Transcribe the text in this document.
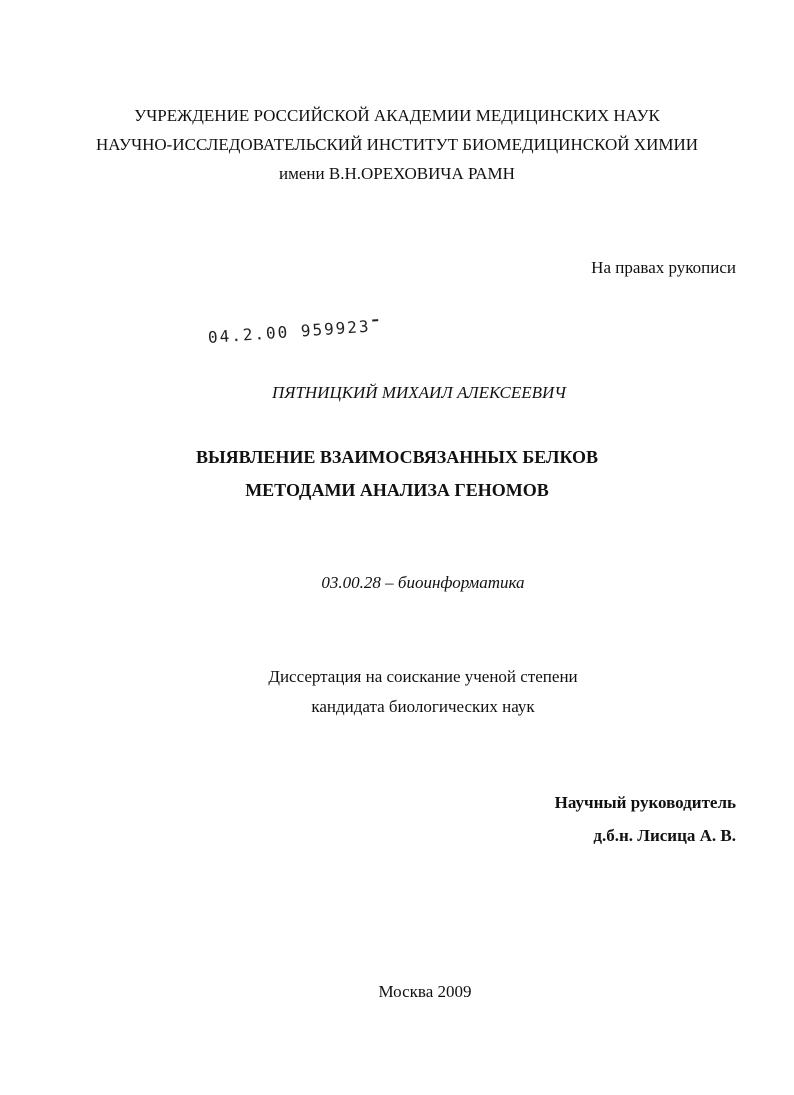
УЧРЕЖДЕНИЕ РОССИЙСКОЙ АКАДЕМИИ МЕДИЦИНСКИХ НАУК
НАУЧНО-ИССЛЕДОВАТЕЛЬСКИЙ ИНСТИТУТ БИОМЕДИЦИНСКОЙ ХИМИИ
имени В.Н.ОРЕХОВИЧА РАМН
На правах рукописи
04.2.00 959923
ПЯТНИЦКИЙ МИХАИЛ АЛЕКСЕЕВИЧ
ВЫЯВЛЕНИЕ ВЗАИМОСВЯЗАННЫХ БЕЛКОВ
МЕТОДАМИ АНАЛИЗА ГЕНОМОВ
03.00.28 – биоинформатика
Диссертация на соискание ученой степени
кандидата биологических наук
Научный руководитель
д.б.н. Лисица А. В.
Москва 2009
